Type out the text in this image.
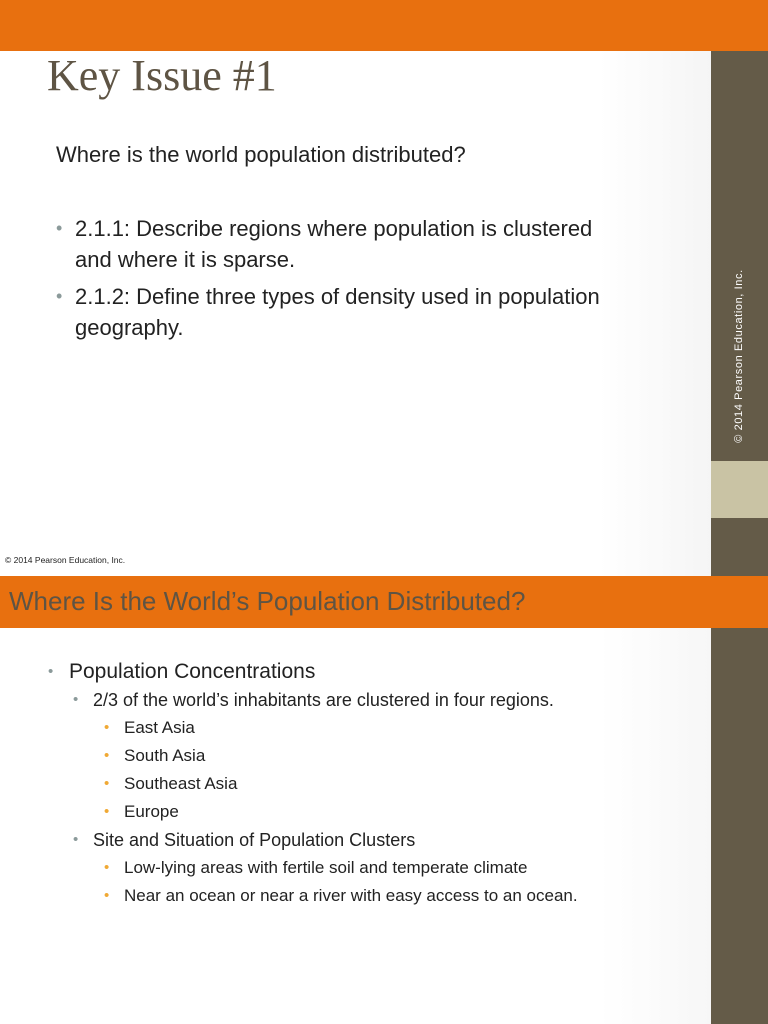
© 2014 Pearson Education, Inc.
Key Issue #1

Where is the world population distributed?

• 2.1.1: Describe regions where population is clustered and where it is sparse.
• 2.1.2: Define three types of density used in population geography.
© 2014 Pearson Education, Inc.
Where Is the World’s Population Distributed?
• Population Concentrations
• 2/3 of the world’s inhabitants are clustered in four regions.
• East Asia
• South Asia
• Southeast Asia
• Europe
• Site and Situation of Population Clusters
• Low-lying areas with fertile soil and temperate climate
• Near an ocean or near a river with easy access to an ocean.
